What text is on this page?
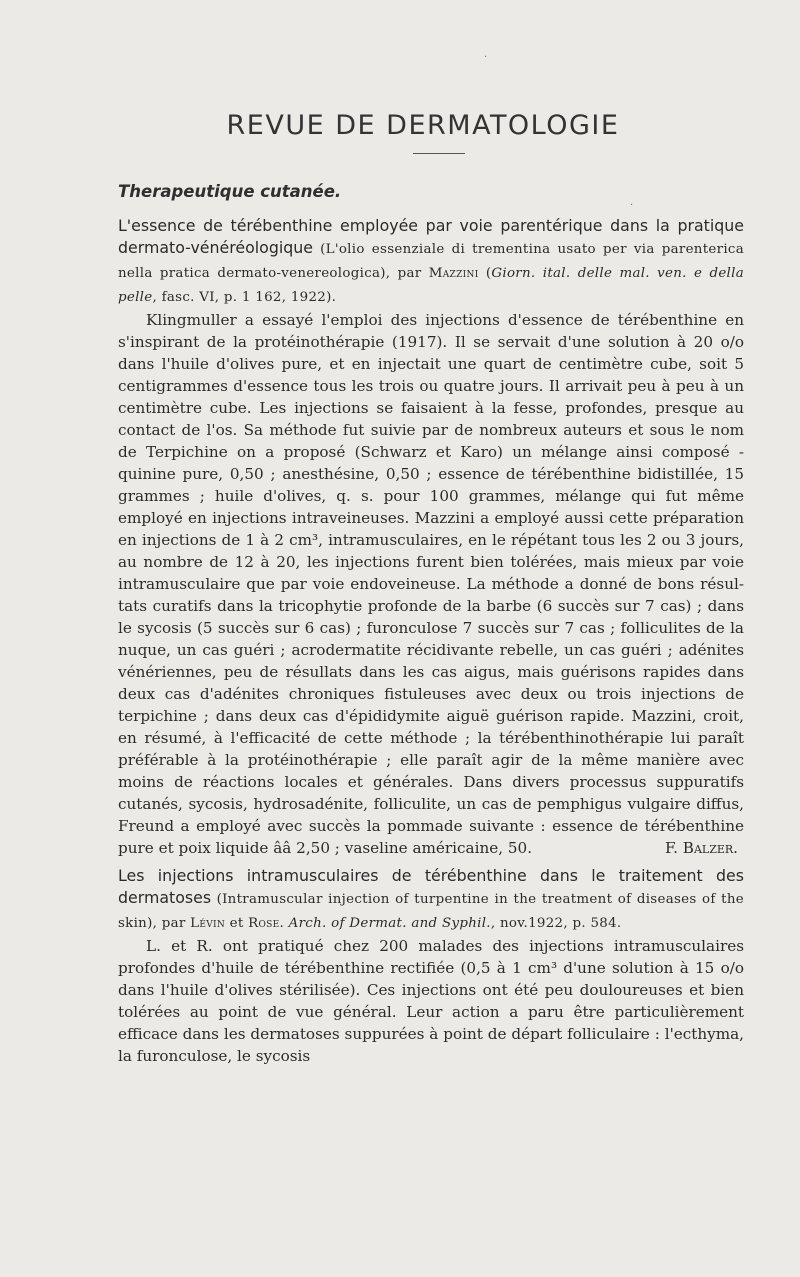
REVUE DE DERMATOLOGIE
Therapeutique cutanée.

L'essence de térébenthine employée par voie parentérique dans la pratique dermato-vénéréologique (L'olio essenziale di trementina usato per via parenterica nella pratica dermato-venereologica), par Mazzini (Giorn. ital. delle mal. ven. e della pelle, fasc. VI, p. 1 162, 1922).

Klingmuller a essayé l'emploi des injections d'essence de térébenthine en s'inspirant de la protéinothérapie (1917). Il se servait d'une solution à 20 o/o dans l'huile d'olives pure, et en injectait une quart de centimètre cube, soit 5 centigrammes d'essence tous les trois ou quatre jours. Il arrivait peu à peu à un centimètre cube. Les injections se faisaient à la fesse, profondes, presque au contact de l'os. Sa méthode fut suivie par de nombreux auteurs et sous le nom de Terpichine on a proposé (Schwarz et Karo) un mélange ainsi composé - quinine pure, 0,50 ; anesthésine, 0,50 ; essence de térébenthine bidistillée, 15 grammes ; huile d'olives, q. s. pour 100 grammes, mélange qui fut même employé en injections intraveineuses. Mazzini a employé aussi cette préparation en injections de 1 à 2 cm³, intramusculaires, en le répétant tous les 2 ou 3 jours, au nombre de 12 à 20, les injections furent bien tolérées, mais mieux par voie intramusculaire que par voie endoveineuse. La méthode a donné de bons résultats curatifs dans la tricophytie profonde de la barbe (6 succès sur 7 cas) ; dans le sycosis (5 succès sur 6 cas) ; furonculose 7 succès sur 7 cas ; folliculites de la nuque, un cas guéri ; acrodermatite récidivante rebelle, un cas guéri ; adénites vénériennes, peu de résullats dans les cas aigus, mais guérisons rapides dans deux cas d'adénites chroniques fistuleuses avec deux ou trois injections de terpichine ; dans deux cas d'épididymite aiguë guérison rapide. Mazzini, croit, en résumé, à l'efficacité de cette méthode ; la térébenthinothérapie lui paraît préférable à la protéinothérapie ; elle paraît agir de la même manière avec moins de réactions locales et générales. Dans divers processus suppuratifs cutanés, sycosis, hydrosadénite, folliculite, un cas de pemphigus vulgaire diffus, Freund a employé avec succès la pommade suivante : essence de térébenthine pure et poix liquide ââ 2,50 ; vaseline américaine, 50.	F. Balzer.

Les injections intramusculaires de térébenthine dans le traitement des dermatoses (Intramuscular injection of turpentine in the treatment of diseases of the skin), par Lévin et Rose. Arch. of Dermat. and Syphil., nov.1922, p. 584.

L. et R. ont pratiqué chez 200 malades des injections intramusculaires profondes d'huile de térébenthine rectifiée (0,5 à 1 cm³ d'une solution à 15 o/o dans l'huile d'olives stérilisée). Ces injections ont été peu douloureuses et bien tolérées au point de vue général. Leur action a paru être particulièrement efficace dans les dermatoses suppurées à point de départ folliculaire : l'ecthyma, la furonculose, le sycosis

·
·
